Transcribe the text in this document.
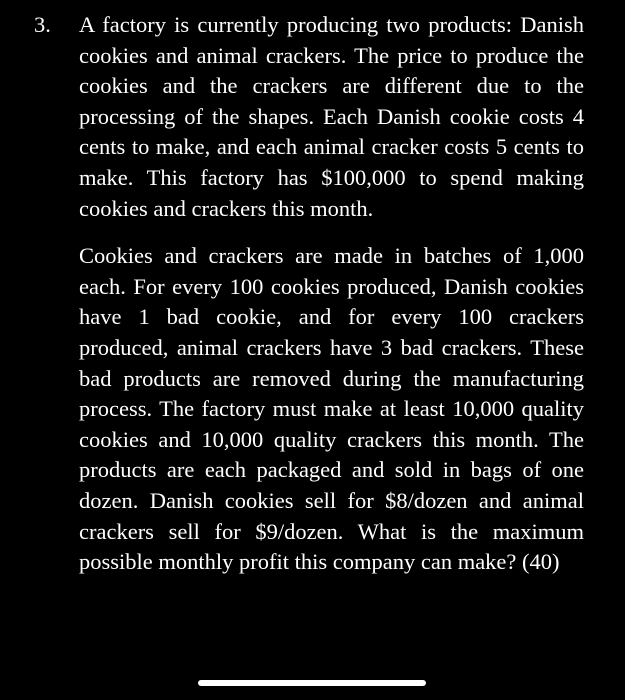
3. A factory is currently producing two products: Danish cookies and animal crackers. The price to produce the cookies and the crackers are different due to the processing of the shapes. Each Danish cookie costs 4 cents to make, and each animal cracker costs 5 cents to make. This factory has $100,000 to spend making cookies and crackers this month.

Cookies and crackers are made in batches of 1,000 each. For every 100 cookies produced, Danish cookies have 1 bad cookie, and for every 100 crackers produced, animal crackers have 3 bad crackers. These bad products are removed during the manufacturing process. The factory must make at least 10,000 quality cookies and 10,000 quality crackers this month. The products are each packaged and sold in bags of one dozen. Danish cookies sell for $8/dozen and animal crackers sell for $9/dozen. What is the maximum possible monthly profit this company can make? (40)
